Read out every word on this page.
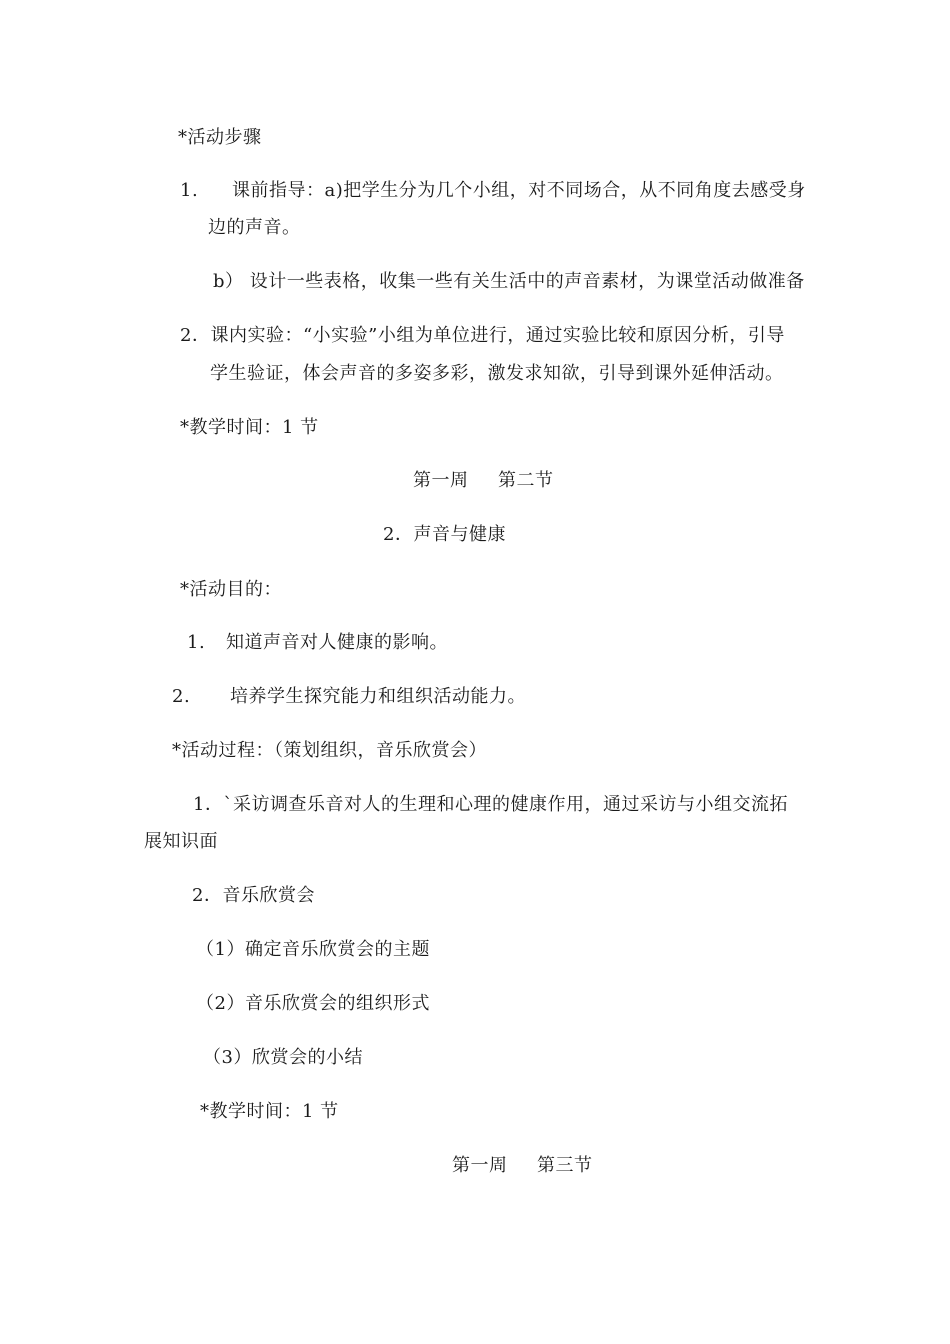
*活动步骤
1. 课前指导：a)把学生分为几个小组，对不同场合，从不同角度去感受身
边的声音。
b） 设计一些表格，收集一些有关生活中的声音素材，为课堂活动做准备
2．课内实验：“小实验”小组为单位进行，通过实验比较和原因分析，引导
学生验证，体会声音的多姿多彩，激发求知欲，引导到课外延伸活动。
*教学时间：1 节
第一周 第二节
2．声音与健康
*活动目的：
1. 知道声音对人健康的影响。
2. 培养学生探究能力和组织活动能力。
*活动过程：（策划组织，音乐欣赏会）
1．`采访调查乐音对人的生理和心理的健康作用，通过采访与小组交流拓
展知识面
2．音乐欣赏会
（1）确定音乐欣赏会的主题
（2）音乐欣赏会的组织形式
（3）欣赏会的小结
*教学时间：1 节
第一周 第三节
